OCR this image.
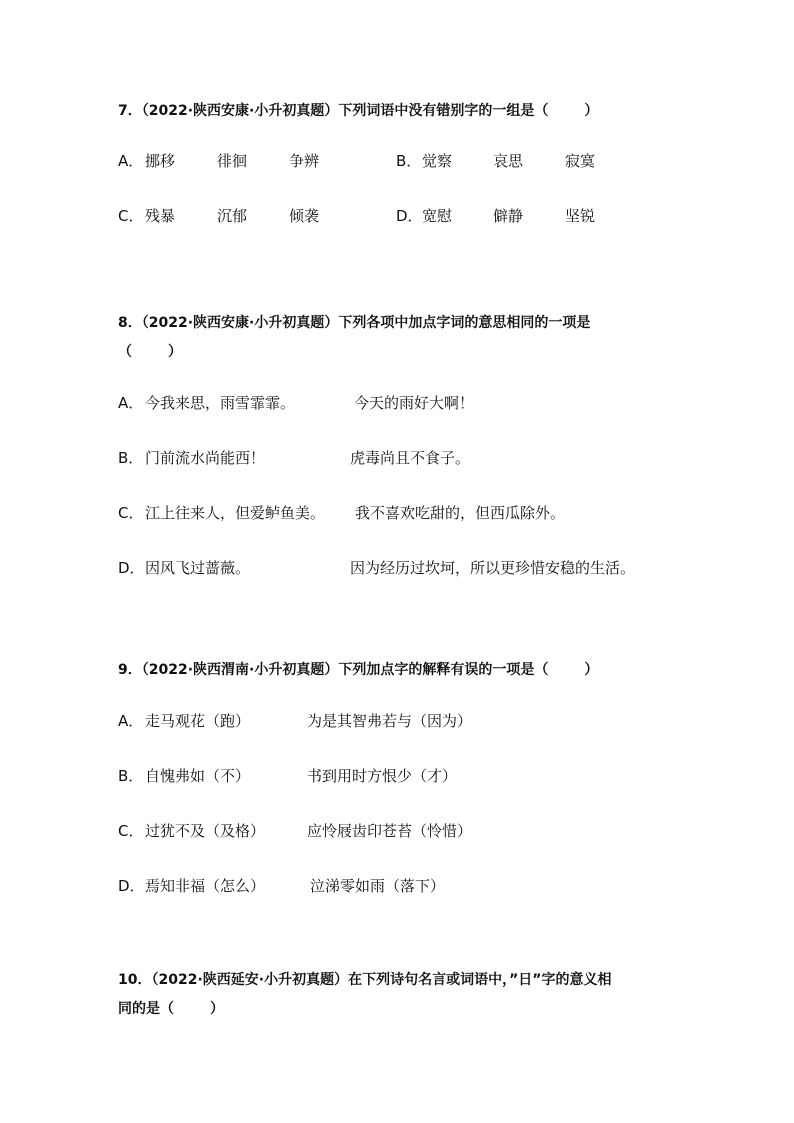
7．（2022·陕西安康·小升初真题）下列词语中没有错别字的一组是（	）
A． 挪移	徘徊	争辨	B． 觉察	哀思	寂寞
C． 残暴	沉郁	倾袭	D． 宽慰	僻静	坚锐
8．（2022·陕西安康·小升初真题）下列各项中加点字词的意思相同的一项是
（	）
A． 今我来思，雨雪霏霏。	今天的雨好大啊！
B． 门前流水尚能西！	虎毒尚且不食子。
C． 江上往来人，但爱鲈鱼美。 我不喜欢吃甜的，但西瓜除外。
D． 因风飞过蔷薇。	因为经历过坎坷，所以更珍惜安稳的生活。
9．（2022·陕西渭南·小升初真题）下列加点字的解释有误的一项是（	）
A． 走马观花（跑）	为是其智弗若与（因为）
B． 自愧弗如（不）	书到用时方恨少（才）
C． 过犹不及（及格）	应怜屐齿印苍苔（怜惜）
D． 焉知非福（怎么）	泣涕零如雨（落下）
10．（2022·陕西延安·小升初真题）在下列诗句名言或词语中，”日”字的意义相
同的是（	）
